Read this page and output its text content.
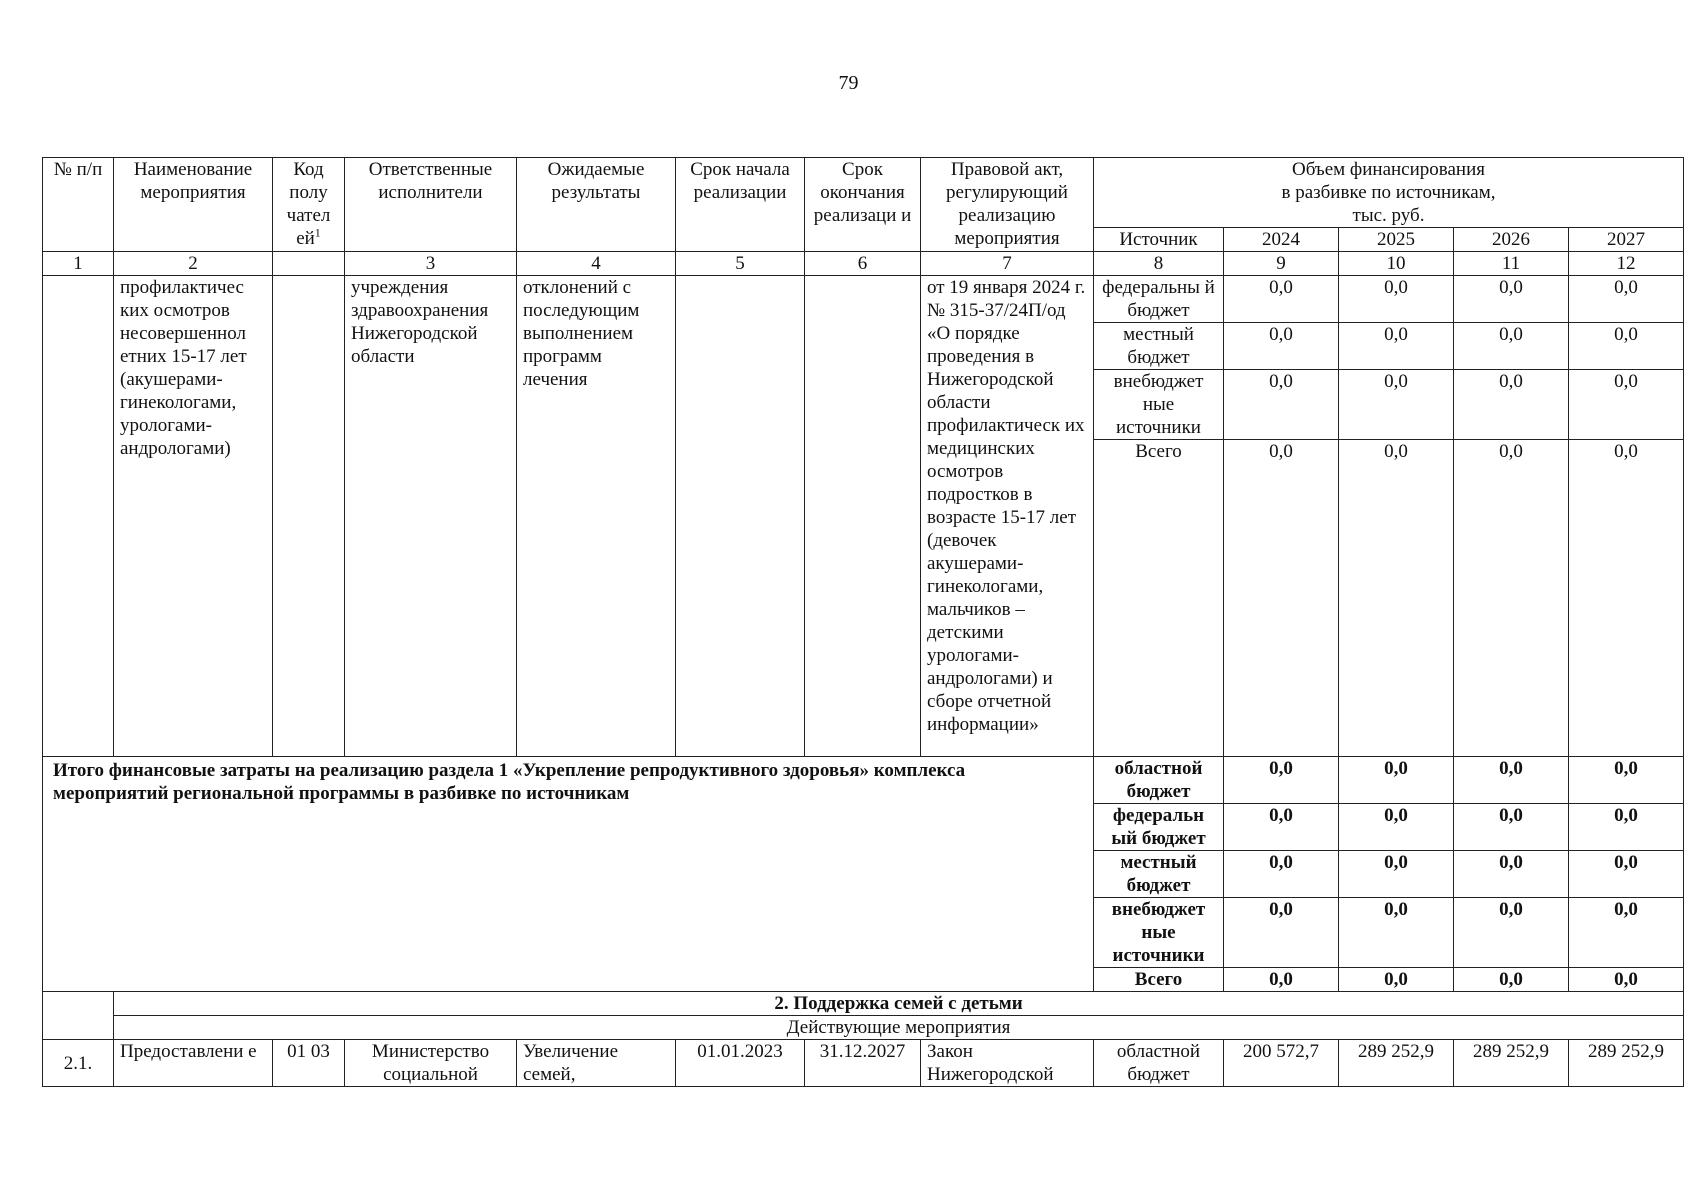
79
№ п/п	Наименование мероприятия	Код полу чател ей$^1$	Ответственные исполнители	Ожидаемые результаты	Срок начала реализации	Срок окончания реализаци и	Правовой акт, регулирующий реализацию мероприятия	Объем финансирования
в разбивке по источникам,
тыс. руб.				

								Источник	2024	2025	2026	2027
1	2		3	4	5	6	7	8	9	10	11	12
	профилактичес ких осмотров несовершеннол етних 15-17 лет (акушерами- гинекологами, урологами- андрологами)		учреждения здравоохранения Нижегородской области	отклонений с последующим выполнением программ лечения			от 19 января 2024 г. № 315-37/24П/од «О порядке проведения в Нижегородской области профилактическ их медицинских осмотров подростков в возрасте 15-17 лет (девочек акушерами- гинекологами, мальчиков – детскими урологами- андрологами) и сборе отчетной информации»	федеральны й бюджет	0,0	0,0	0,0	0,0
								местный бюджет	0,0	0,0	0,0	0,0
								внебюджет ные источники	0,0	0,0	0,0	0,0
								Всего	0,0	0,0	0,0	0,0
Итого финансовые затраты на реализацию раздела 1 «Укрепление репродуктивного здоровья» комплекса мероприятий региональной программы в разбивке по источникам								областной бюджет	0,0	0,0	0,0	0,0
								федеральн ый бюджет	0,0	0,0	0,0	0,0
								местный бюджет	0,0	0,0	0,0	0,0
								внебюджет ные источники	0,0	0,0	0,0	0,0
								Всего	0,0	0,0	0,0	0,0
	2. Поддержка семей с детьми											
	Действующие мероприятия											
2.1.	Предоставлени е	01 03	Министерство социальной	Увеличение семей,	01.01.2023	31.12.2027	Закон Нижегородской	областной бюджет	200 572,7	289 252,9	289 252,9	289 252,9
